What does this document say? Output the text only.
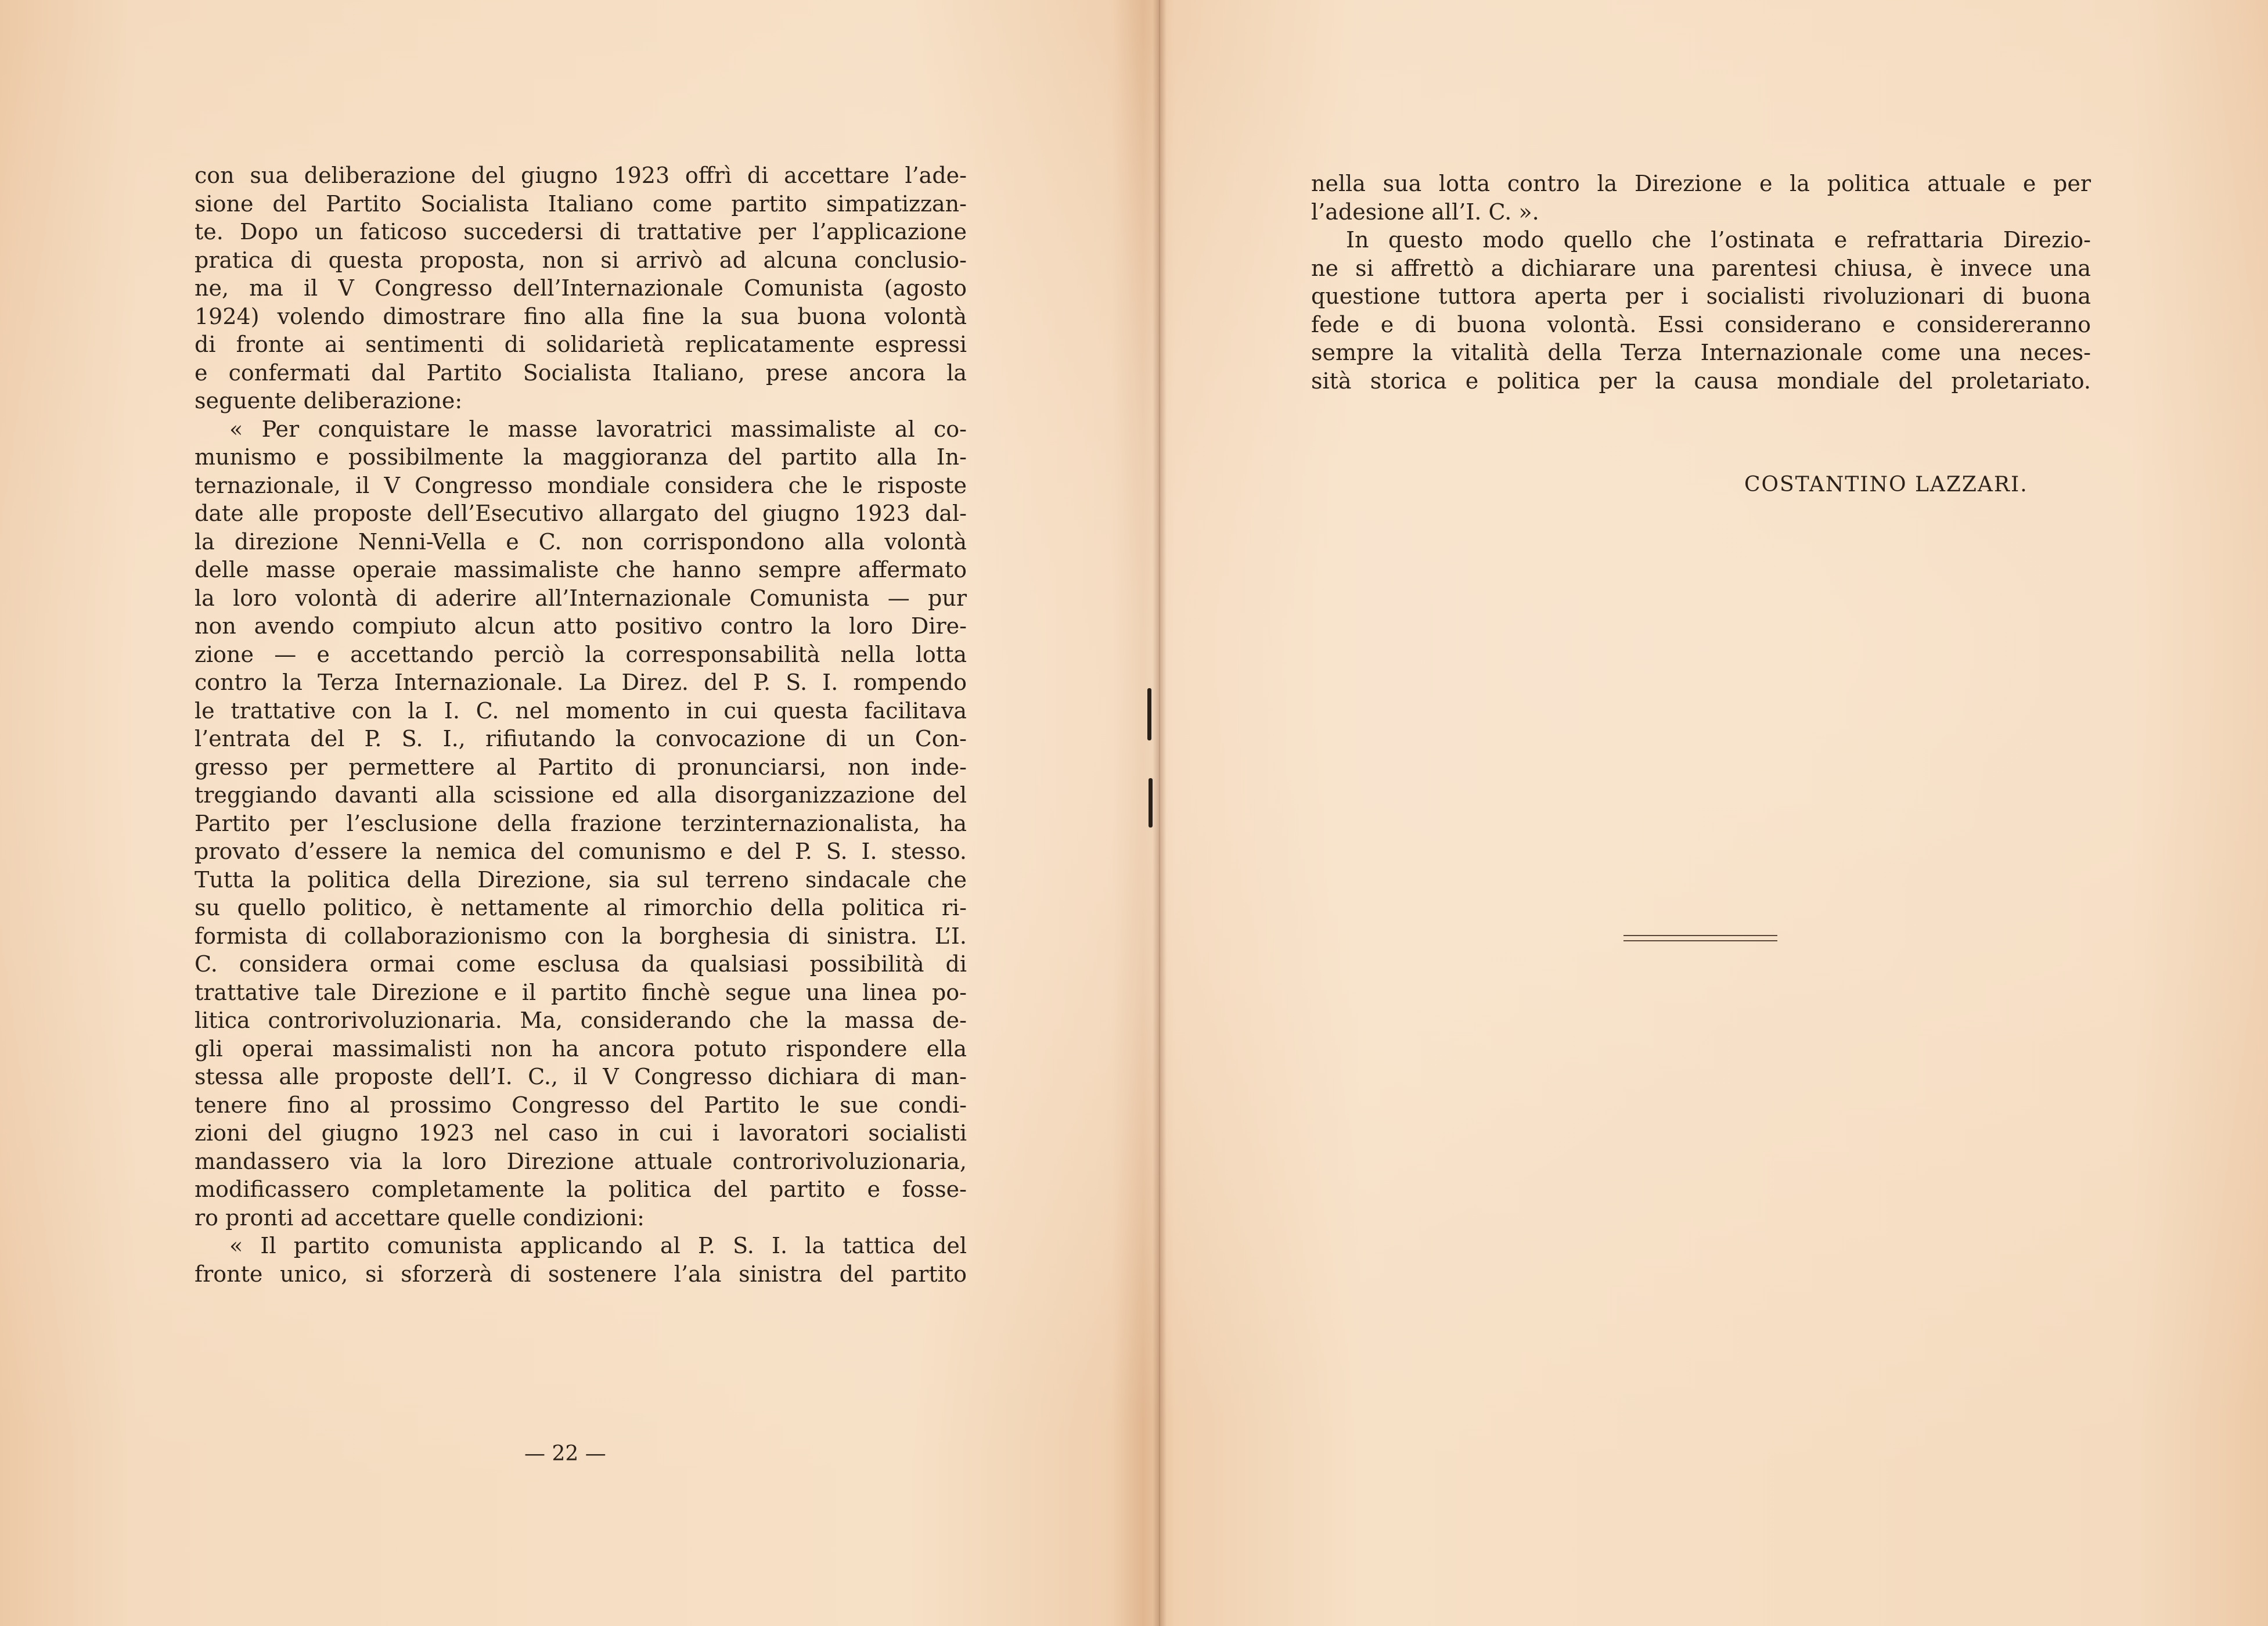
con sua deliberazione del giugno 1923 offrì di accettare l’ade-
sione del Partito Socialista Italiano come partito simpatizzan-
te. Dopo un faticoso succedersi di trattative per l’applicazione
pratica di questa proposta, non si arrivò ad alcuna conclusio-
ne, ma il V Congresso dell’Internazionale Comunista (agosto
1924) volendo dimostrare fino alla fine la sua buona volontà
di fronte ai sentimenti di solidarietà replicatamente espressi
e confermati dal Partito Socialista Italiano, prese ancora la
seguente deliberazione:
« Per conquistare le masse lavoratrici massimaliste al co-
munismo e possibilmente la maggioranza del partito alla In-
ternazionale, il V Congresso mondiale considera che le risposte
date alle proposte dell’Esecutivo allargato del giugno 1923 dal-
la direzione Nenni-Vella e C. non corrispondono alla volontà
delle masse operaie massimaliste che hanno sempre affermato
la loro volontà di aderire all’Internazionale Comunista — pur
non avendo compiuto alcun atto positivo contro la loro Dire-
zione — e accettando perciò la corresponsabilità nella lotta
contro la Terza Internazionale. La Direz. del P. S. I. rompendo
le trattative con la I. C. nel momento in cui questa facilitava
l’entrata del P. S. I., rifiutando la convocazione di un Con-
gresso per permettere al Partito di pronunciarsi, non inde-
treggiando davanti alla scissione ed alla disorganizzazione del
Partito per l’esclusione della frazione terzinternazionalista, ha
provato d’essere la nemica del comunismo e del P. S. I. stesso.
Tutta la politica della Direzione, sia sul terreno sindacale che
su quello politico, è nettamente al rimorchio della politica ri-
formista di collaborazionismo con la borghesia di sinistra. L’I.
C. considera ormai come esclusa da qualsiasi possibilità di
trattative tale Direzione e il partito finchè segue una linea po-
litica controrivoluzionaria. Ma, considerando che la massa de-
gli operai massimalisti non ha ancora potuto rispondere ella
stessa alle proposte dell’I. C., il V Congresso dichiara di man-
tenere fino al prossimo Congresso del Partito le sue condi-
zioni del giugno 1923 nel caso in cui i lavoratori socialisti
mandassero via la loro Direzione attuale controrivoluzionaria,
modificassero completamente la politica del partito e fosse-
ro pronti ad accettare quelle condizioni:
« Il partito comunista applicando al P. S. I. la tattica del
fronte unico, si sforzerà di sostenere l’ala sinistra del partito
— 22 —
nella sua lotta contro la Direzione e la politica attuale e per
l’adesione all’I. C. ».
In questo modo quello che l’ostinata e refrattaria Direzio-
ne si affrettò a dichiarare una parentesi chiusa, è invece una
questione tuttora aperta per i socialisti rivoluzionari di buona
fede e di buona volontà. Essi considerano e considereranno
sempre la vitalità della Terza Internazionale come una neces-
sità storica e politica per la causa mondiale del proletariato.
COSTANTINO LAZZARI.
